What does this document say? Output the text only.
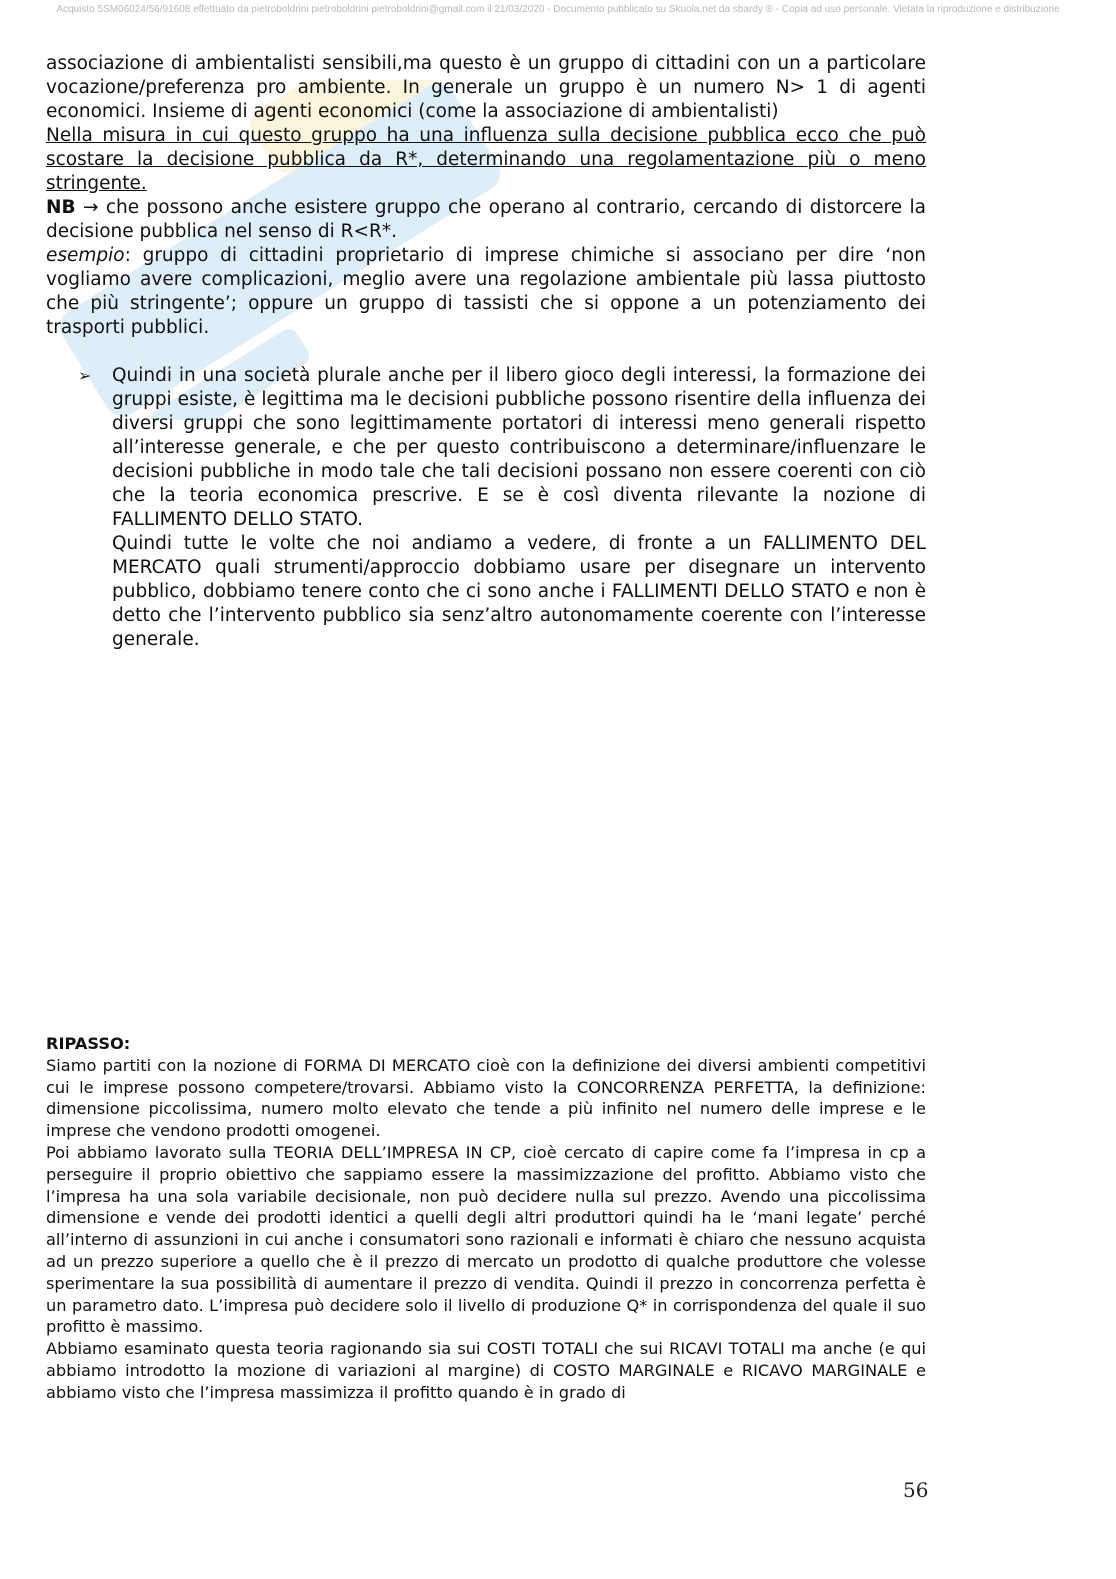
Acquisto 5SM06024/56/91608 effettuato da pietroboldrini pietroboldrini pietroboldrini@gmail.com il 21/03/2020 - Documento pubblicato su Skuola.net da sbardy ® - Copia ad uso personale. Vietata la riproduzione e distribuzione

associazione di ambientalisti sensibili,ma questo è un gruppo di cittadini con un a particolare vocazione/preferenza pro ambiente. In generale un gruppo è un numero N> 1 di agenti economici. Insieme di agenti economici (come la associazione di ambientalisti)

Nella misura in cui questo gruppo ha una influenza sulla decisione pubblica ecco che può scostare la decisione pubblica da R*, determinando una regolamentazione più o meno stringente.

NB → che possono anche esistere gruppo che operano al contrario, cercando di distorcere la decisione pubblica nel senso di R<R*.

esempio: gruppo di cittadini proprietario di imprese chimiche si associano per dire ‘non vogliamo avere complicazioni, meglio avere una regolazione ambientale più lassa piuttosto che più stringente’; oppure un gruppo di tassisti che si oppone a un potenziamento dei trasporti pubblici.

➢	Quindi in una società plurale anche per il libero gioco degli interessi, la formazione dei gruppi esiste, è legittima ma le decisioni pubbliche possono risentire della influenza dei diversi gruppi che sono legittimamente portatori di interessi meno generali rispetto all’interesse generale, e che per questo contribuiscono a determinare/influenzare le decisioni pubbliche in modo tale che tali decisioni possano non essere coerenti con ciò che la teoria economica prescrive. E se è così diventa rilevante la nozione di FALLIMENTO DELLO STATO.

Quindi tutte le volte che noi andiamo a vedere, di fronte a un FALLIMENTO DEL MERCATO quali strumenti/approccio dobbiamo usare per disegnare un intervento pubblico, dobbiamo tenere conto che ci sono anche i FALLIMENTI DELLO STATO e non è detto che l’intervento pubblico sia senz’altro autonomamente coerente con l’interesse generale.

RIPASSO:

Siamo partiti con la nozione di FORMA DI MERCATO cioè con la definizione dei diversi ambienti competitivi cui le imprese possono competere/trovarsi. Abbiamo visto la CONCORRENZA PERFETTA, la definizione: dimensione piccolissima, numero molto elevato che tende a più infinito nel numero delle imprese e le imprese che vendono prodotti omogenei.

Poi abbiamo lavorato sulla TEORIA DELL’IMPRESA IN CP, cioè cercato di capire come fa l’impresa in cp a perseguire il proprio obiettivo che sappiamo essere la massimizzazione del profitto. Abbiamo visto che l’impresa ha una sola variabile decisionale, non può decidere nulla sul prezzo. Avendo una piccolissima dimensione e vende dei prodotti identici a quelli degli altri produttori quindi ha le ‘mani legate’ perché all’interno di assunzioni in cui anche i consumatori sono razionali e informati è chiaro che nessuno acquista ad un prezzo superiore a quello che è il prezzo di mercato un prodotto di qualche produttore che volesse sperimentare la sua possibilità di aumentare il prezzo di vendita. Quindi il prezzo in concorrenza perfetta è un parametro dato. L’impresa può decidere solo il livello di produzione Q* in corrispondenza del quale il suo profitto è massimo.

Abbiamo esaminato questa teoria ragionando sia sui COSTI TOTALI che sui RICAVI TOTALI ma anche (e qui abbiamo introdotto la mozione di variazioni al margine) di COSTO MARGINALE e RICAVO MARGINALE e abbiamo visto che l’impresa massimizza il profitto quando è in grado di

56
